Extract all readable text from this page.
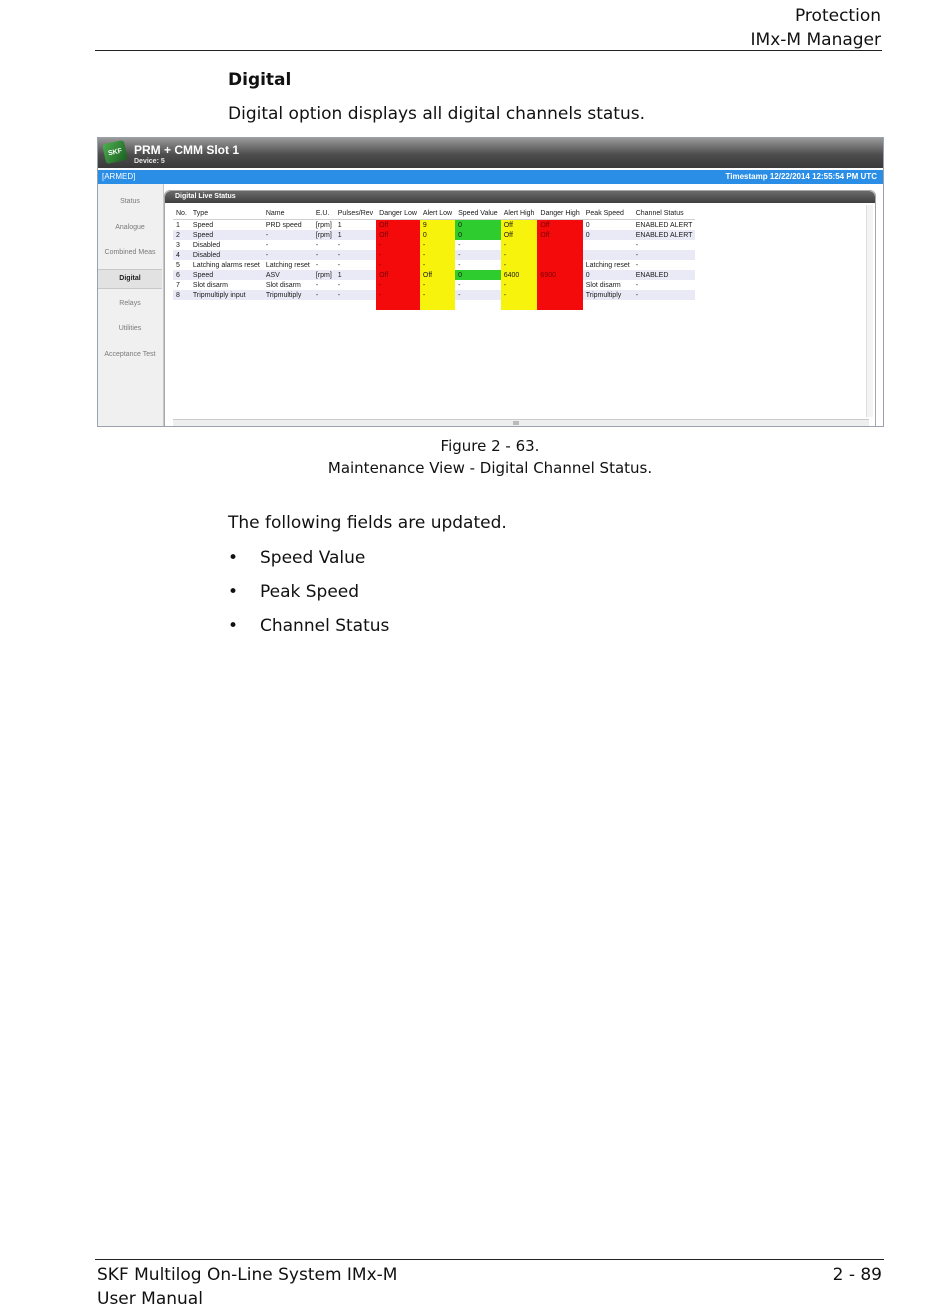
Protection
IMx-M Manager
Digital
Digital option displays all digital channels status.
SKF PRM + CMM Slot 1
Device: 5
[ARMED]	Timestamp 12/22/2014 12:55:54 PM UTC
Status
Analogue
Combined Meas
Digital
Relays
Utilities
Acceptance Test
Digital Live Status
No.	Type	Name	E.U.	Pulses/Rev	Danger Low	Alert Low	Speed Value	Alert High	Danger High	Peak Speed	Channel Status
1	Speed	PRD speed	[rpm]	1	Off	9	0	Off	Off	0	ENABLED ALERT
2	Speed	-	[rpm]	1	Off	0	0	Off	Off	0	ENABLED ALERT
3	Disabled	-	-	-	-	-	-	-			-
4	Disabled	-	-	-	-	-	-	-			-
5	Latching alarms reset	Latching reset	-	-	-	-	-	-		Latching reset	-
6	Speed	ASV	[rpm]	1	Off	Off	0	6400	6900	0	ENABLED
7	Slot disarm	Slot disarm	-	-	-	-	-	-		Slot disarm	-
8	Tripmultiply input	Tripmultiply	-	-	-	-	-	-		Tripmultiply	-

Figure 2 - 63.
Maintenance View - Digital Channel Status.
The following fields are updated.
• Speed Value
• Peak Speed
• Channel Status
SKF Multilog On-Line System IMx-M
User Manual
2 - 89
